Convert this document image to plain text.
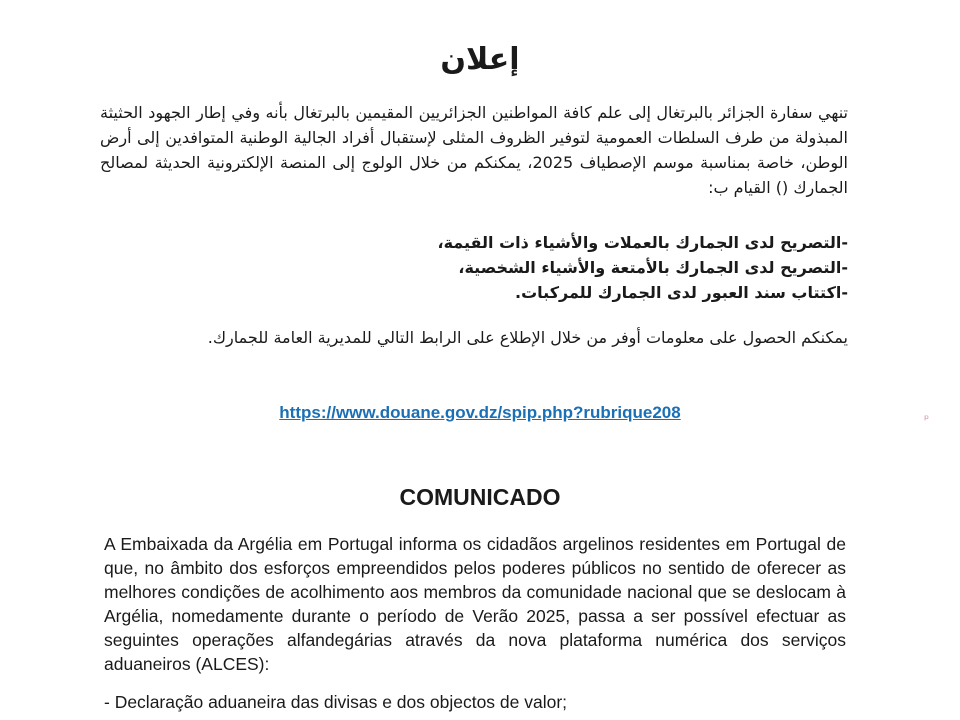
إعلان
تنهي سفارة الجزائر بالبرتغال إلى علم كافة المواطنين الجزائريين المقيمين بالبرتغال بأنه وفي إطار الجهود الحثيثة المبذولة من طرف السلطات العمومية لتوفير الظروف المثلى لإستقبال أفراد الجالية الوطنية المتوافدين إلى أرض الوطن، خاصة بمناسبة موسم الإصطياف 2025، يمكنكم من خلال الولوج إلى المنصة الإلكترونية الحديثة لمصالح الجمارك () القيام ب:
-التصريح لدى الجمارك بالعملات والأشياء ذات القيمة،
-التصريح لدى الجمارك بالأمتعة والأشياء الشخصية،
-اكتتاب سند العبور لدى الجمارك للمركبات.
يمكنكم الحصول على معلومات أوفر من خلال الإطلاع على الرابط التالي للمديرية العامة للجمارك.
https://www.douane.gov.dz/spip.php?rubrique208
COMUNICADO
A Embaixada da Argélia em Portugal informa os cidadãos argelinos residentes em Portugal de que, no âmbito dos esforços empreendidos pelos poderes públicos no sentido de oferecer as melhores condições de acolhimento aos membros da comunidade nacional que se deslocam à Argélia, nomedamente durante o período de Verão 2025, passa a ser possível efectuar as seguintes operações alfandegárias através da nova plataforma numérica dos serviços aduaneiros (ALCES):
- Declaração aduaneira das divisas e dos objectos de valor;
ᵖ
